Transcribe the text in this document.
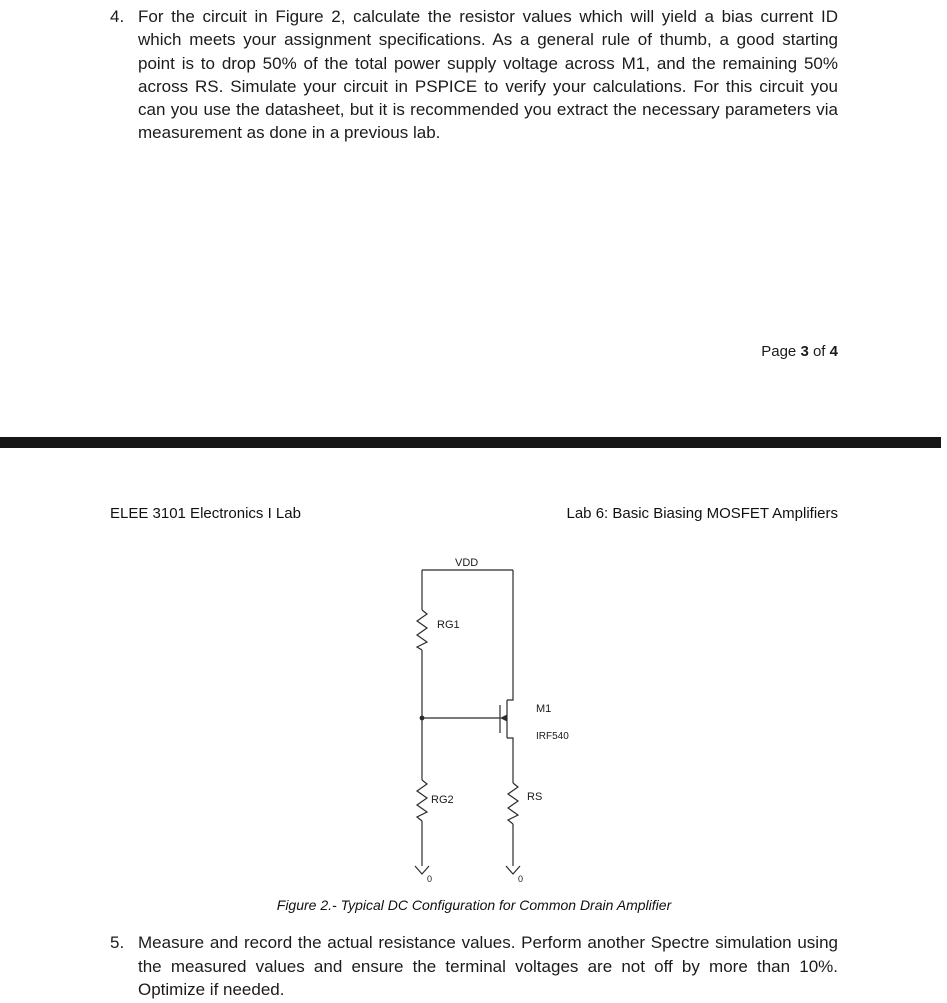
4. For the circuit in Figure 2, calculate the resistor values which will yield a bias current ID which meets your assignment specifications. As a general rule of thumb, a good starting point is to drop 50% of the total power supply voltage across M1, and the remaining 50% across RS. Simulate your circuit in PSPICE to verify your calculations. For this circuit you can you use the datasheet, but it is recommended you extract the necessary parameters via measurement as done in a previous lab.
Page 3 of 4
ELEE 3101 Electronics I Lab	Lab 6: Basic Biasing MOSFET Amplifiers
VDD
RG1
RG2
0
M1
IRF540
RS
0
Figure 2.- Typical DC Configuration for Common Drain Amplifier
5. Measure and record the actual resistance values. Perform another Spectre simulation using the measured values and ensure the terminal voltages are not off by more than 10%. Optimize if needed.
